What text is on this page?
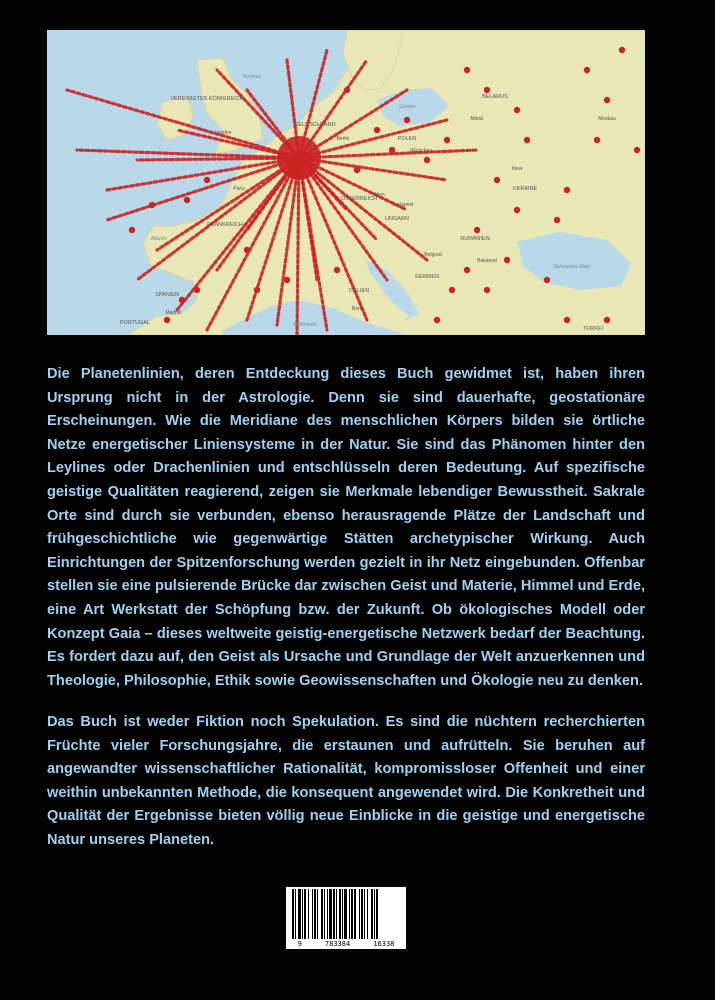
Nordsee
Ostsee
Atlantic
Schwarzes Meer
Mittelmeer
DEUTSCHLAND
FRANKREICH
POLEN
BELARUS
UKRAINE
RUMÄNIEN
SERBIEN
ITALIEN
SPANIEN
PORTUGAL
TÜRKEI
VEREINIGTES KÖNIGREICH
ÖSTERREICH
UNGARN
Moskau
Kiew
Minsk
Warschau
Bukarest
Belgrad
Rom
Madrid
Paris
London
Berlin
Wien
Budapest

Die Planetenlinien, deren Entdeckung dieses Buch gewidmet ist, haben ihren Ursprung nicht in der Astrologie. Denn sie sind dauerhafte, geostationäre Erscheinungen. Wie die Meridiane des menschlichen Körpers bilden sie örtliche Netze energetischer Liniensysteme in der Natur. Sie sind das Phänomen hinter den Leylines oder Drachenlinien und entschlüsseln deren Bedeutung. Auf spezifische geistige Qualitäten reagierend, zeigen sie Merkmale lebendiger Bewusstheit. Sakrale Orte sind durch sie verbunden, ebenso herausragende Plätze der Landschaft und frühgeschichtliche wie gegenwärtige Stätten archetypischer Wirkung. Auch Einrichtungen der Spitzenforschung werden gezielt in ihr Netz eingebunden. Offenbar stellen sie eine pulsierende Brücke dar zwischen Geist und Materie, Himmel und Erde, eine Art Werkstatt der Schöpfung bzw. der Zukunft. Ob ökologisches Modell oder Konzept Gaia – dieses weltweite geistig-energetische Netzwerk bedarf der Beachtung. Es fordert dazu auf, den Geist als Ursache und Grundlage der Welt anzuerkennen und Theologie, Philosophie, Ethik sowie Geowissenschaften und Ökologie neu zu denken.

Das Buch ist weder Fiktion noch Spekulation. Es sind die nüchtern recherchierten Früchte vieler Forschungsjahre, die erstaunen und aufrütteln. Sie beruhen auf angewandter wissenschaftlicher Rationalität, kompromissloser Offenheit und einer weithin unbekannten Methode, die konsequent angewendet wird. Die Konkretheit und Qualität der Ergebnisse bieten völlig neue Einblicke in die geistige und energetische Natur unseres Planeten.

9	783384	16338
